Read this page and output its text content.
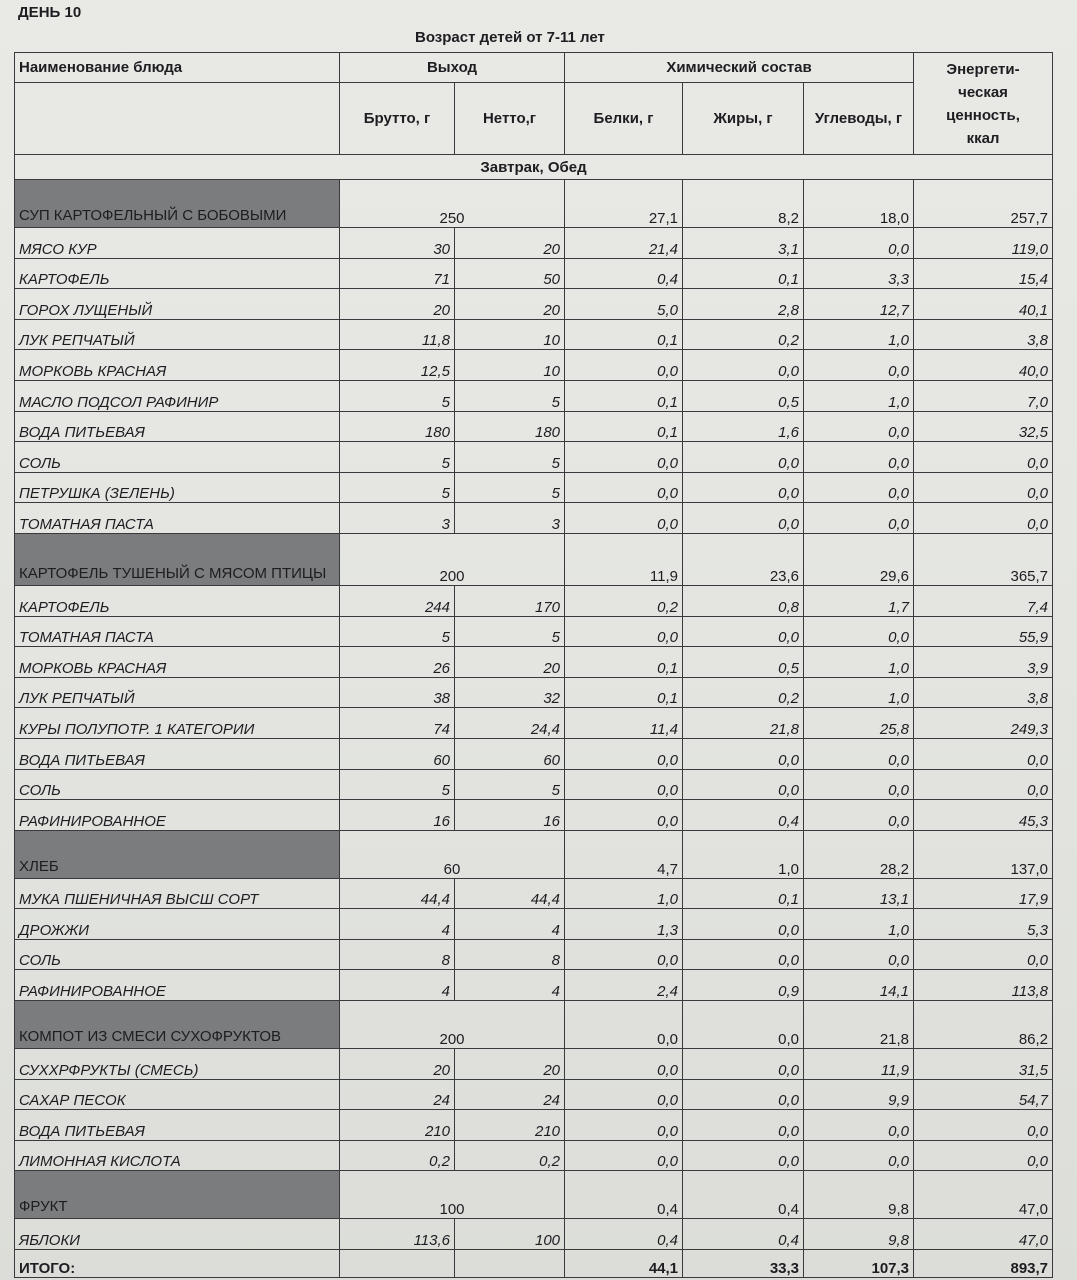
ДЕНЬ 10
Возраст детей от 7-11 лет
Наименование блюда	Выход		Химический состав			Энергети-
ческая
ценность,
ккал

	Брутто, г	Нетто,г	Белки, г	Жиры, г	Углеводы, г	
Завтрак, Обед						
СУП КАРТОФЕЛЬНЫЙ С БОБОВЫМИ	250		27,1	8,2	18,0	257,7
МЯСО КУР	30	20	21,4	3,1	0,0	119,0
КАРТОФЕЛЬ	71	50	0,4	0,1	3,3	15,4
ГОРОХ ЛУЩЕНЫЙ	20	20	5,0	2,8	12,7	40,1
ЛУК РЕПЧАТЫЙ	11,8	10	0,1	0,2	1,0	3,8
МОРКОВЬ КРАСНАЯ	12,5	10	0,0	0,0	0,0	40,0
МАСЛО ПОДСОЛ РАФИНИР	5	5	0,1	0,5	1,0	7,0
ВОДА ПИТЬЕВАЯ	180	180	0,1	1,6	0,0	32,5
СОЛЬ	5	5	0,0	0,0	0,0	0,0
ПЕТРУШКА (ЗЕЛЕНЬ)	5	5	0,0	0,0	0,0	0,0
ТОМАТНАЯ ПАСТА	3	3	0,0	0,0	0,0	0,0
КАРТОФЕЛЬ ТУШЕНЫЙ С МЯСОМ ПТИЦЫ	200		11,9	23,6	29,6	365,7
КАРТОФЕЛЬ	244	170	0,2	0,8	1,7	7,4
ТОМАТНАЯ ПАСТА	5	5	0,0	0,0	0,0	55,9
МОРКОВЬ КРАСНАЯ	26	20	0,1	0,5	1,0	3,9
ЛУК РЕПЧАТЫЙ	38	32	0,1	0,2	1,0	3,8
КУРЫ ПОЛУПОТР. 1 КАТЕГОРИИ	74	24,4	11,4	21,8	25,8	249,3
ВОДА ПИТЬЕВАЯ	60	60	0,0	0,0	0,0	0,0
СОЛЬ	5	5	0,0	0,0	0,0	0,0
РАФИНИРОВАННОЕ	16	16	0,0	0,4	0,0	45,3
ХЛЕБ	60		4,7	1,0	28,2	137,0
МУКА ПШЕНИЧНАЯ ВЫСШ СОРТ	44,4	44,4	1,0	0,1	13,1	17,9
ДРОЖЖИ	4	4	1,3	0,0	1,0	5,3
СОЛЬ	8	8	0,0	0,0	0,0	0,0
РАФИНИРОВАННОЕ	4	4	2,4	0,9	14,1	113,8
КОМПОТ ИЗ СМЕСИ СУХОФРУКТОВ	200		0,0	0,0	21,8	86,2
СУХХРФРУКТЫ (СМЕСЬ)	20	20	0,0	0,0	11,9	31,5
САХАР ПЕСОК	24	24	0,0	0,0	9,9	54,7
ВОДА ПИТЬЕВАЯ	210	210	0,0	0,0	0,0	0,0
ЛИМОННАЯ КИСЛОТА	0,2	0,2	0,0	0,0	0,0	0,0
ФРУКТ	100		0,4	0,4	9,8	47,0
ЯБЛОКИ	113,6	100	0,4	0,4	9,8	47,0
ИТОГО:			44,1	33,3	107,3	893,7
